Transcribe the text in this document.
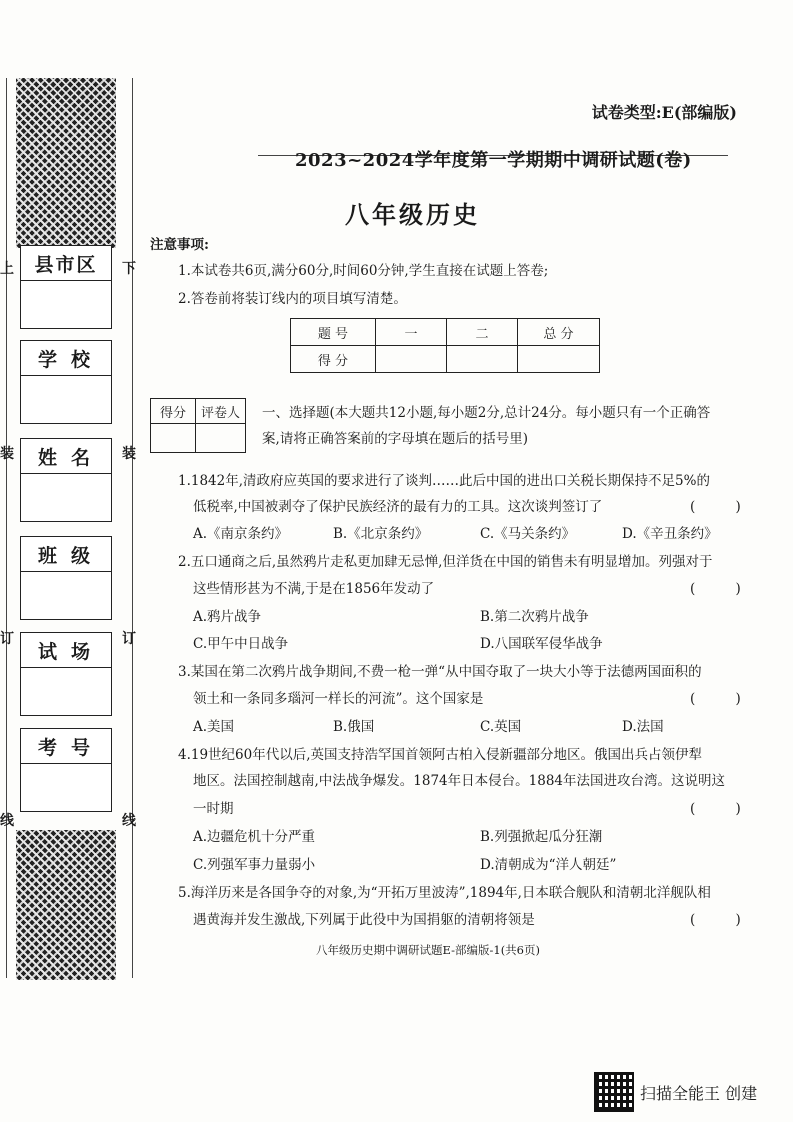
上
装
订
线
下
装
订
线
县市区
学校
姓名
班级
试场
考号
试卷类型:E(部编版)
2023~2024学年度第一学期期中调研试题(卷)
八年级历史
注意事项:
1.本试卷共6页,满分60分,时间60分钟,学生直接在试题上答卷;
2.答卷前将装订线内的项目填写清楚。
题 号	一	二	总 分
得 分			
得分	评卷人
	一、选择题(本大题共12小题,每小题2分,总计24分。每小题只有一个正确答
案,请将正确答案前的字母填在题后的括号里)
1.1842年,清政府应英国的要求进行了谈判……此后中国的进出口关税长期保持不足5%的
低税率,中国被剥夺了保护民族经济的最有力的工具。这次谈判签订了	( )
A.《南京条约》	B.《北京条约》	C.《马关条约》	D.《辛丑条约》
2.五口通商之后,虽然鸦片走私更加肆无忌惮,但洋货在中国的销售未有明显增加。列强对于
这些情形甚为不满,于是在1856年发动了	( )
A.鸦片战争	B.第二次鸦片战争
C.甲午中日战争	D.八国联军侵华战争
3.某国在第二次鸦片战争期间,不费一枪一弹“从中国夺取了一块大小等于法德两国面积的
领土和一条同多瑙河一样长的河流”。这个国家是	( )
A.美国	B.俄国	C.英国	D.法国
4.19世纪60年代以后,英国支持浩罕国首领阿古柏入侵新疆部分地区。俄国出兵占领伊犁
地区。法国控制越南,中法战争爆发。1874年日本侵台。1884年法国进攻台湾。这说明这
一时期	( )
A.边疆危机十分严重	B.列强掀起瓜分狂潮
C.列强军事力量弱小	D.清朝成为“洋人朝廷”
5.海洋历来是各国争夺的对象,为“开拓万里波涛”,1894年,日本联合舰队和清朝北洋舰队相
遇黄海并发生激战,下列属于此役中为国捐躯的清朝将领是	( )
八年级历史期中调研试题E-部编版-1(共6页)
扫描全能王 创建
